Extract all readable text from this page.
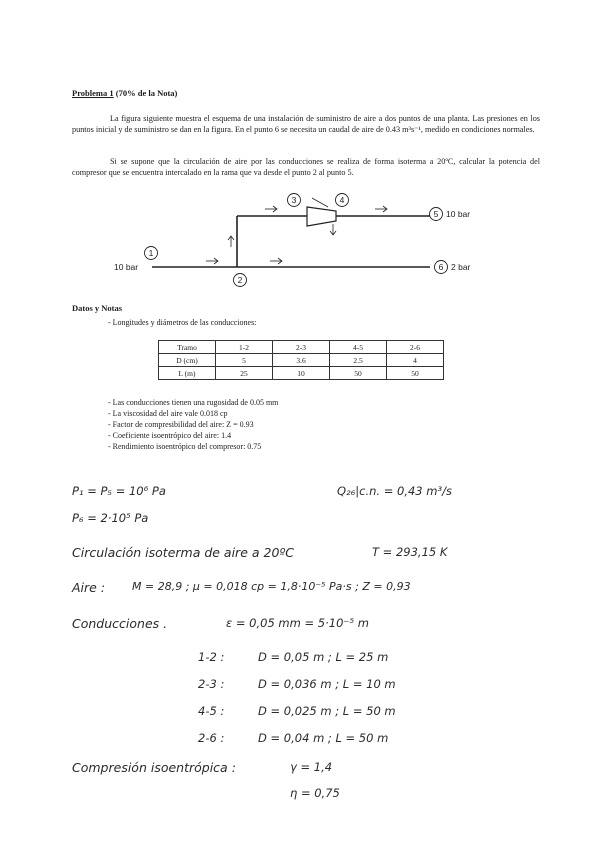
Problema 1 (70% de la Nota)
La figura siguiente muestra el esquema de una instalación de suministro de aire a dos puntos de una planta. Las presiones en los puntos inicial y de suministro se dan en la figura. En el punto 6 se necesita un caudal de aire de 0.43 m³s⁻¹, medido en condiciones normales.
Si se supone que la circulación de aire por las conducciones se realiza de forma isoterma a 20ºC, calcular la potencia del compresor que se encuentra intercalado en la rama que va desde el punto 2 al punto 5.
1
2
3	4
5
6
10 bar
10 bar
2 bar
Datos y Notas
- Longitudes y diámetros de las conducciones:
Tramo	1-2	2-3	4-5	2-6
D (cm)	5	3.6	2.5	4
L (m)	25	10	50	50
- Las conducciones tienen una rugosidad de 0.05 mm
- La viscosidad del aire vale 0.018 cp
- Factor de compresibilidad del aire: Z = 0.93
- Coeficiente isoentrópico del aire: 1.4
- Rendimiento isoentrópico del compresor: 0.75
P₁ = P₅ = 10⁶ Pa	Q₂₆|c.n. = 0,43 m³/s
P₆ = 2·10⁵ Pa
Circulación isoterma de aire a 20ºC	T = 293,15 K
Aire : M = 28,9 ; μ = 0,018 cp = 1,8·10⁻⁵ Pa·s ; Z = 0,93
Conducciones .	ε = 0,05 mm = 5·10⁻⁵ m
1-2 :	D = 0,05 m ; L = 25 m
2-3 :	D = 0,036 m ; L = 10 m
4-5 :	D = 0,025 m ; L = 50 m
2-6 :	D = 0,04 m ; L = 50 m
Compresión isoentrópica :	γ = 1,4
η = 0,75
